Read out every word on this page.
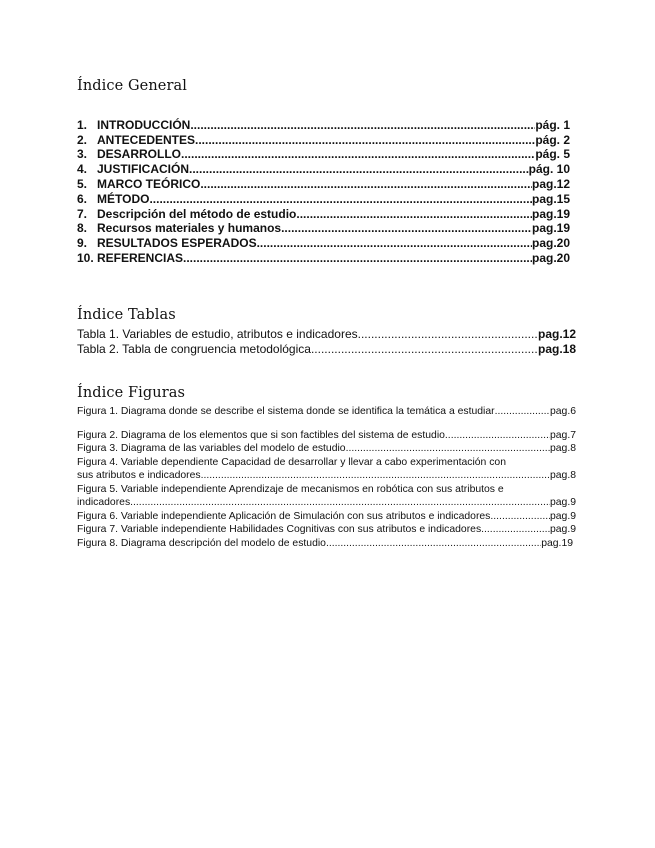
Índice General
1. INTRODUCCIÓN .....	pág. 1
2. ANTECEDENTES .....	pág. 2
3. DESARROLLO .....	pág. 5
4. JUSTIFICACIÓN .....	pág. 10
5. MARCO TEÓRICO .....	pag.12
6. MÉTODO .....	pag.15
7. Descripción del método de estudio .....	pag.19
8. Recursos materiales y humanos .....	pag.19
9. RESULTADOS ESPERADOS .....	pag.20
10. REFERENCIAS .....	pag.20
Índice Tablas
Tabla 1. Variables de estudio, atributos e indicadores .....	pag.12
Tabla 2. Tabla de congruencia metodológica .....	pag.18
Índice Figuras
Figura 1. Diagrama donde se describe el sistema donde se identifica la temática a estudiar .....	pag.6
Figura 2. Diagrama de los elementos que si son factibles del sistema de estudio .....	pag.7
Figura 3. Diagrama de las variables del modelo de estudio .....	pag.8
Figura 4. Variable dependiente Capacidad de desarrollar y llevar a cabo experimentación con
sus atributos e indicadores .....	pag.8
Figura 5. Variable independiente Aprendizaje de mecanismos en robótica con sus atributos e
indicadores .....	pag.9
Figura 6. Variable independiente Aplicación de Simulación con sus atributos e indicadores .....	pag.9
Figura 7. Variable independiente Habilidades Cognitivas con sus atributos e indicadores .....	pag.9
Figura 8. Diagrama descripción del modelo de estudio .....	pag.19
